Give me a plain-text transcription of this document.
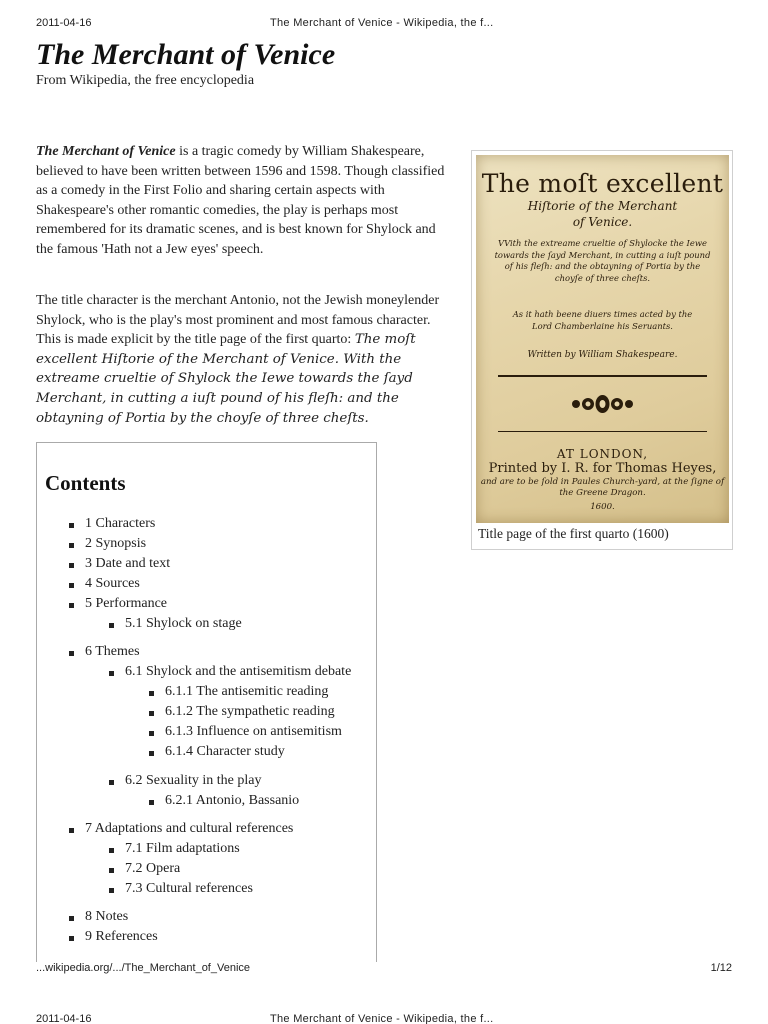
2011-04-16	The Merchant of Venice - Wikipedia, the f...
The Merchant of Venice
From Wikipedia, the free encyclopedia

The Merchant of Venice is a tragic comedy by William Shakespeare, believed to have been written between 1596 and 1598. Though classified as a comedy in the First Folio and sharing certain aspects with Shakespeare's other romantic comedies, the play is perhaps most remembered for its dramatic scenes, and is best known for Shylock and the famous 'Hath not a Jew eyes' speech.

The title character is the merchant Antonio, not the Jewish moneylender Shylock, who is the play's most prominent and most famous character. This is made explicit by the title page of the first quarto: The moſt excellent Hiſtorie of the Merchant of Venice. With the extreame crueltie of Shylock the Iewe towards the ſayd Merchant, in cutting a iuſt pound of his fleſh: and the obtayning of Portia by the choyſe of three cheſts.

The moſt excellent
Hiſtorie of the Merchant
of Venice.
VVith the extreame crueltie of Shylocke the Iewe towards the ſayd Merchant, in cutting a iuſt pound of his fleſh: and the obtayning of Portia by the choyſe of three cheſts.
As it hath beene diuers times acted by the Lord Chamberlaine his Seruants.
Written by William Shakespeare.
AT LONDON,
Printed by I. R. for Thomas Heyes,
and are to be ſold in Paules Church-yard, at the ſigne of the Greene Dragon.
1600.
Title page of the first quarto (1600)
Contents
1 Characters
2 Synopsis
3 Date and text
4 Sources
5 Performance
5.1 Shylock on stage
6 Themes
6.1 Shylock and the antisemitism debate
6.1.1 The antisemitic reading
6.1.2 The sympathetic reading
6.1.3 Influence on antisemitism
6.1.4 Character study
6.2 Sexuality in the play
6.2.1 Antonio, Bassanio
7 Adaptations and cultural references
7.1 Film adaptations
7.2 Opera
7.3 Cultural references
8 Notes
9 References
...wikipedia.org/.../The_Merchant_of_Venice	1/12
2011-04-16	The Merchant of Venice - Wikipedia, the f...
